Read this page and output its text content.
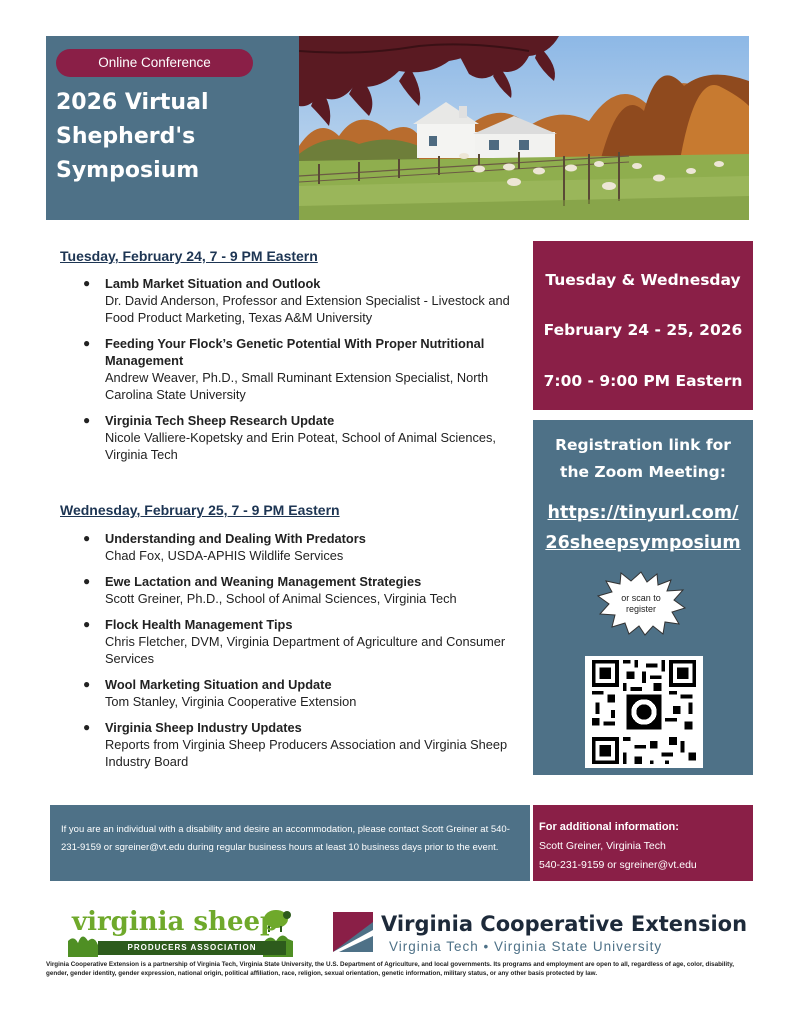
Online Conference
2026 Virtual
Shepherd's
Symposium
Tuesday, February 24, 7 - 9 PM Eastern
● Lamb Market Situation and Outlook
Dr. David Anderson, Professor and Extension Specialist - Livestock and Food Product Marketing, Texas A&M University
● Feeding Your Flock’s Genetic Potential With Proper Nutritional Management
Andrew Weaver, Ph.D., Small Ruminant Extension Specialist, North Carolina State University
● Virginia Tech Sheep Research Update
Nicole Valliere-Kopetsky and Erin Poteat, School of Animal Sciences, Virginia Tech
Wednesday, February 25, 7 - 9 PM Eastern
● Understanding and Dealing With Predators
Chad Fox, USDA-APHIS Wildlife Services
● Ewe Lactation and Weaning Management Strategies
Scott Greiner, Ph.D., School of Animal Sciences, Virginia Tech
● Flock Health Management Tips
Chris Fletcher, DVM, Virginia Department of Agriculture and Consumer Services
● Wool Marketing Situation and Update
Tom Stanley, Virginia Cooperative Extension
● Virginia Sheep Industry Updates
Reports from Virginia Sheep Producers Association and Virginia Sheep Industry Board
Tuesday & Wednesday
February 24 - 25, 2026
7:00 - 9:00 PM Eastern
Registration link for
the Zoom Meeting:
https://tinyurl.com/
26sheepsymposium
or scan to
register
If you are an individual with a disability and desire an accommodation, please contact Scott Greiner at 540-231-9159 or sgreiner@vt.edu during regular business hours at least 10 business days prior to the event.
For additional information:
Scott Greiner, Virginia Tech
540-231-9159 or sgreiner@vt.edu
virginia sheep
PRODUCERS ASSOCIATION
Virginia Cooperative Extension
Virginia Tech • Virginia State University
Virginia Cooperative Extension is a partnership of Virginia Tech, Virginia State University, the U.S. Department of Agriculture, and local governments. Its programs and employment are open to all, regardless of age, color, disability, gender, gender identity, gender expression, national origin, political affiliation, race, religion, sexual orientation, genetic information, military status, or any other basis protected by law.
